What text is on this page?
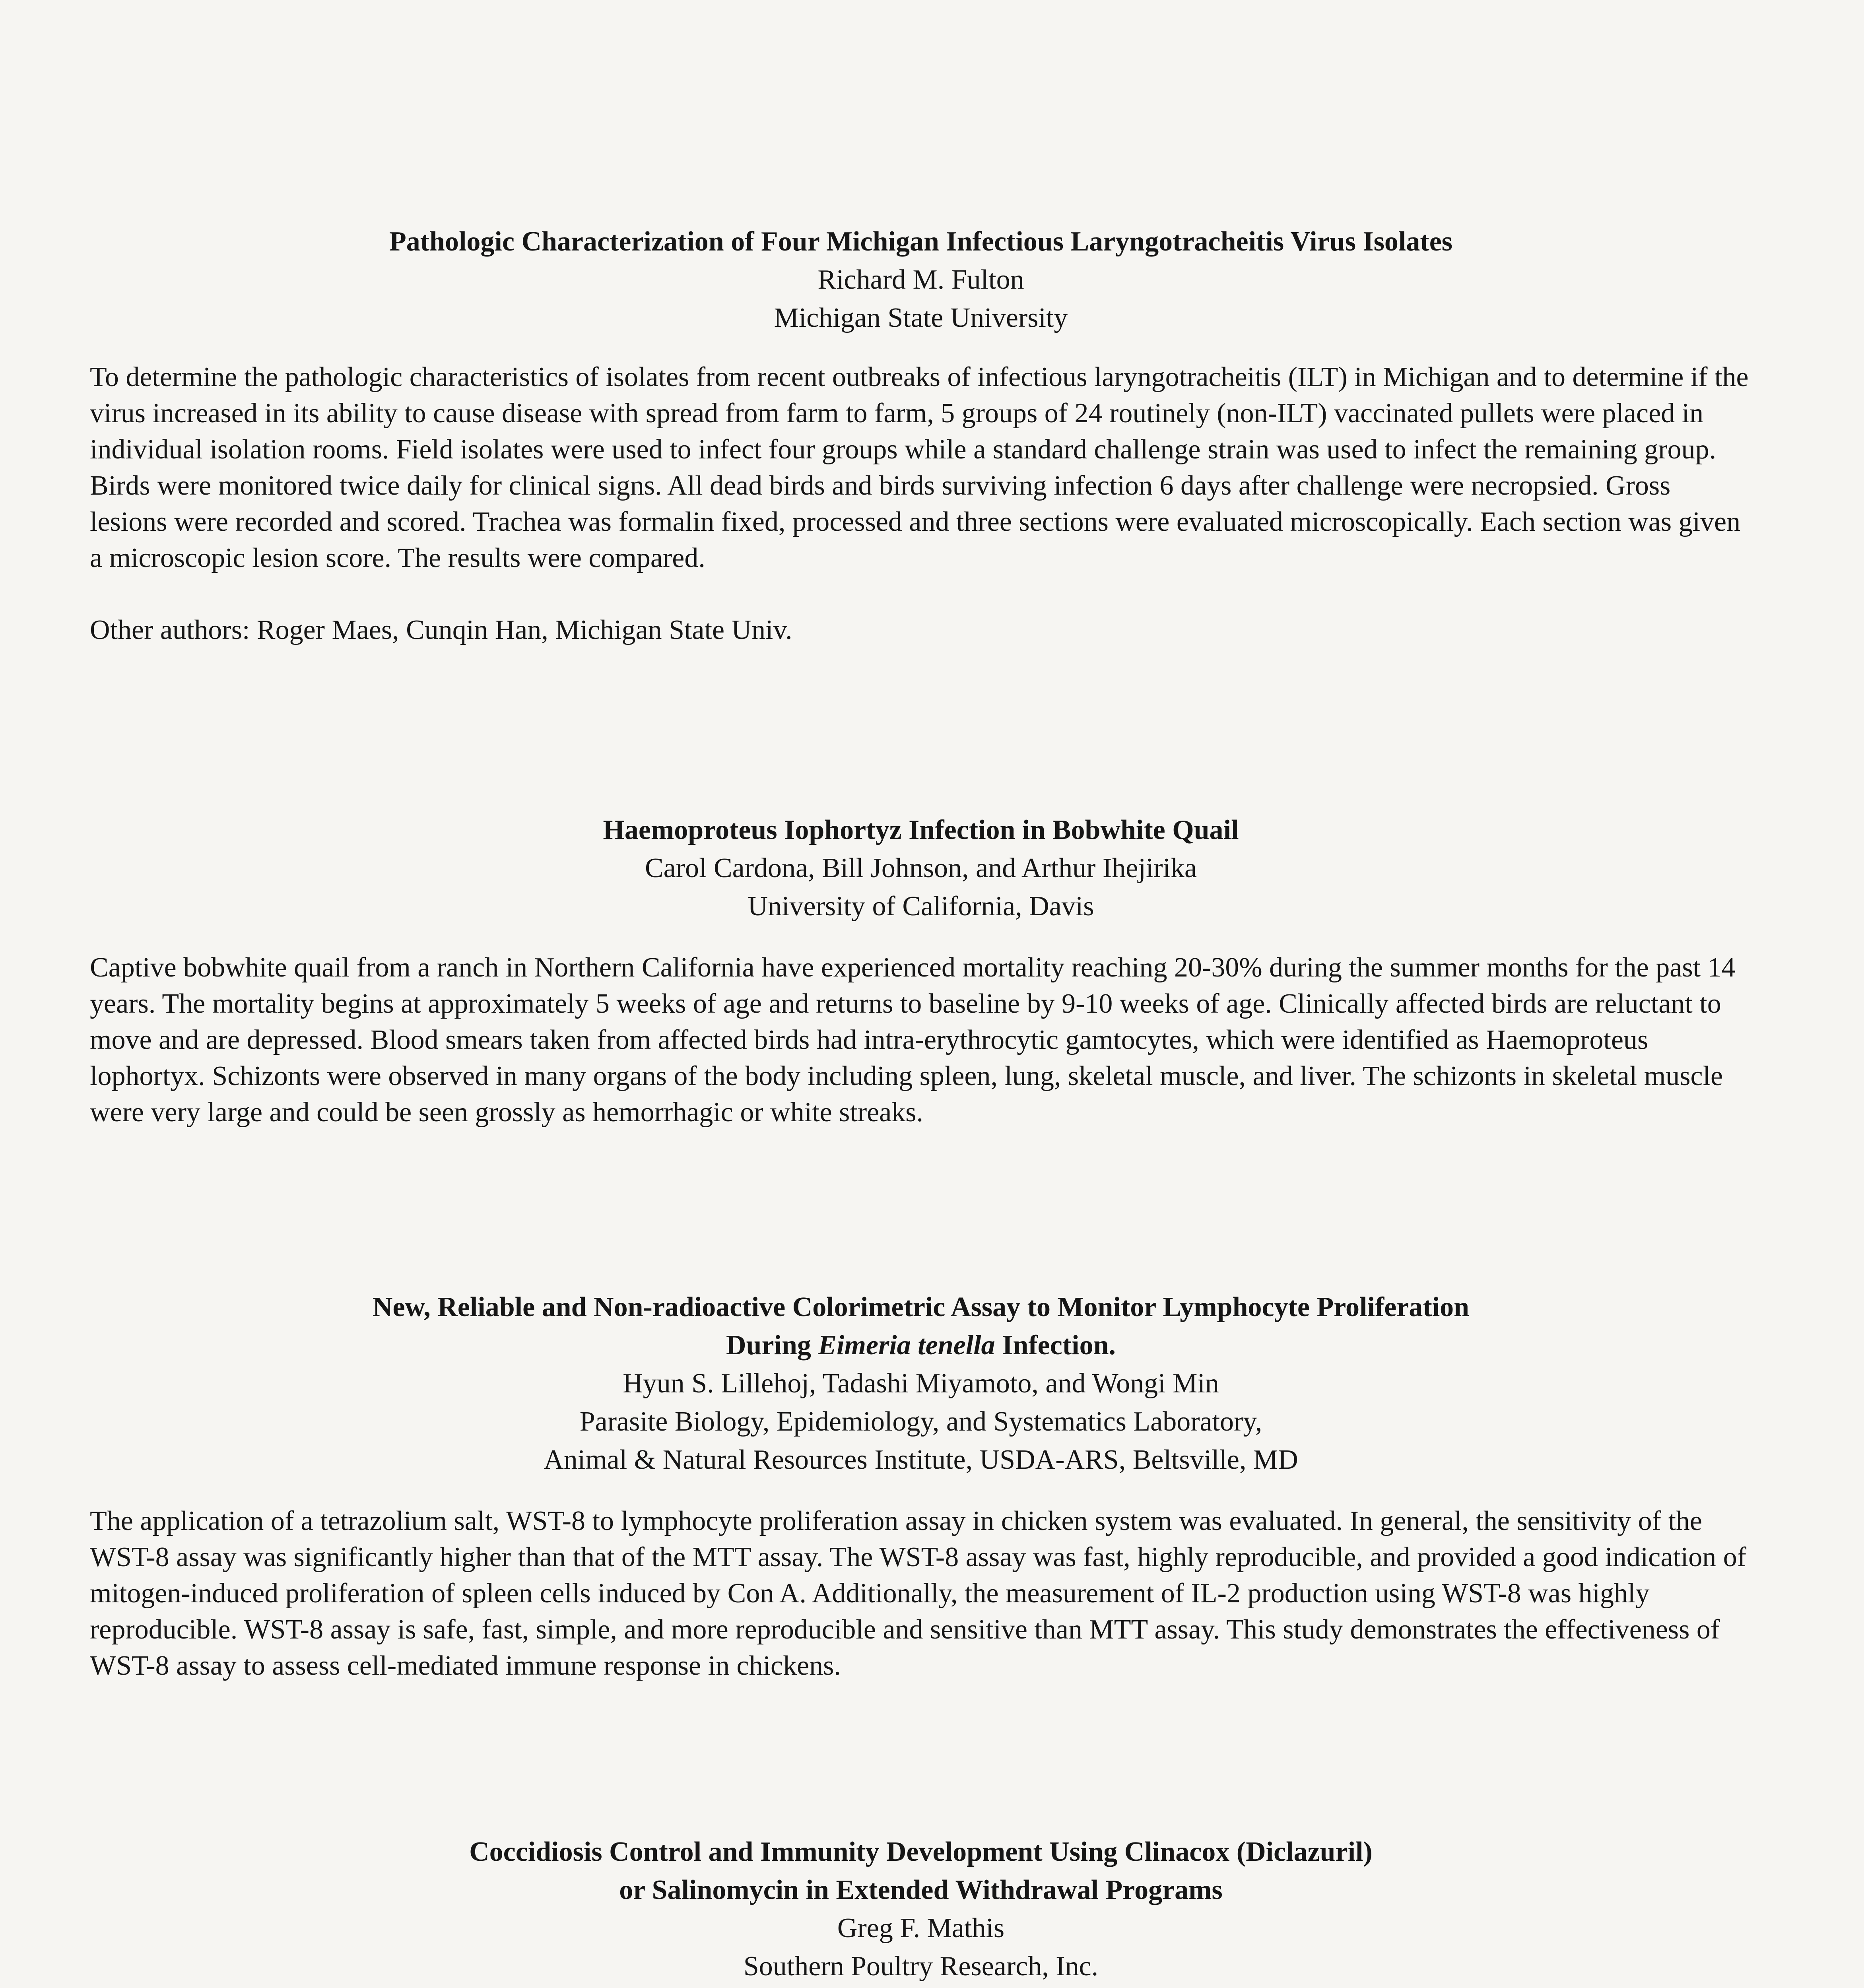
Pathologic Characterization of Four Michigan Infectious Laryngotracheitis Virus Isolates
Richard M. Fulton
Michigan State University

To determine the pathologic characteristics of isolates from recent outbreaks of infectious laryngotracheitis (ILT) in Michigan and to determine if the virus increased in its ability to cause disease with spread from farm to farm, 5 groups of 24 routinely (non-ILT) vaccinated pullets were placed in individual isolation rooms. Field isolates were used to infect four groups while a standard challenge strain was used to infect the remaining group. Birds were monitored twice daily for clinical signs. All dead birds and birds surviving infection 6 days after challenge were necropsied. Gross lesions were recorded and scored. Trachea was formalin fixed, processed and three sections were evaluated microscopically. Each section was given a microscopic lesion score. The results were compared.

Other authors: Roger Maes, Cunqin Han, Michigan State Univ.

Haemoproteus Iophortyz Infection in Bobwhite Quail
Carol Cardona, Bill Johnson, and Arthur Ihejirika
University of California, Davis

Captive bobwhite quail from a ranch in Northern California have experienced mortality reaching 20-30% during the summer months for the past 14 years. The mortality begins at approximately 5 weeks of age and returns to baseline by 9-10 weeks of age. Clinically affected birds are reluctant to move and are depressed. Blood smears taken from affected birds had intra-erythrocytic gamtocytes, which were identified as Haemoproteus lophortyx. Schizonts were observed in many organs of the body including spleen, lung, skeletal muscle, and liver. The schizonts in skeletal muscle were very large and could be seen grossly as hemorrhagic or white streaks.

New, Reliable and Non-radioactive Colorimetric Assay to Monitor Lymphocyte Proliferation
During Eimeria tenella Infection.
Hyun S. Lillehoj, Tadashi Miyamoto, and Wongi Min
Parasite Biology, Epidemiology, and Systematics Laboratory,
Animal & Natural Resources Institute, USDA-ARS, Beltsville, MD

The application of a tetrazolium salt, WST-8 to lymphocyte proliferation assay in chicken system was evaluated. In general, the sensitivity of the WST-8 assay was significantly higher than that of the MTT assay. The WST-8 assay was fast, highly reproducible, and provided a good indication of mitogen-induced proliferation of spleen cells induced by Con A. Additionally, the measurement of IL-2 production using WST-8 was highly reproducible. WST-8 assay is safe, fast, simple, and more reproducible and sensitive than MTT assay. This study demonstrates the effectiveness of WST-8 assay to assess cell-mediated immune response in chickens.

Coccidiosis Control and Immunity Development Using Clinacox (Diclazuril)
or Salinomycin in Extended Withdrawal Programs
Greg F. Mathis
Southern Poultry Research, Inc.
